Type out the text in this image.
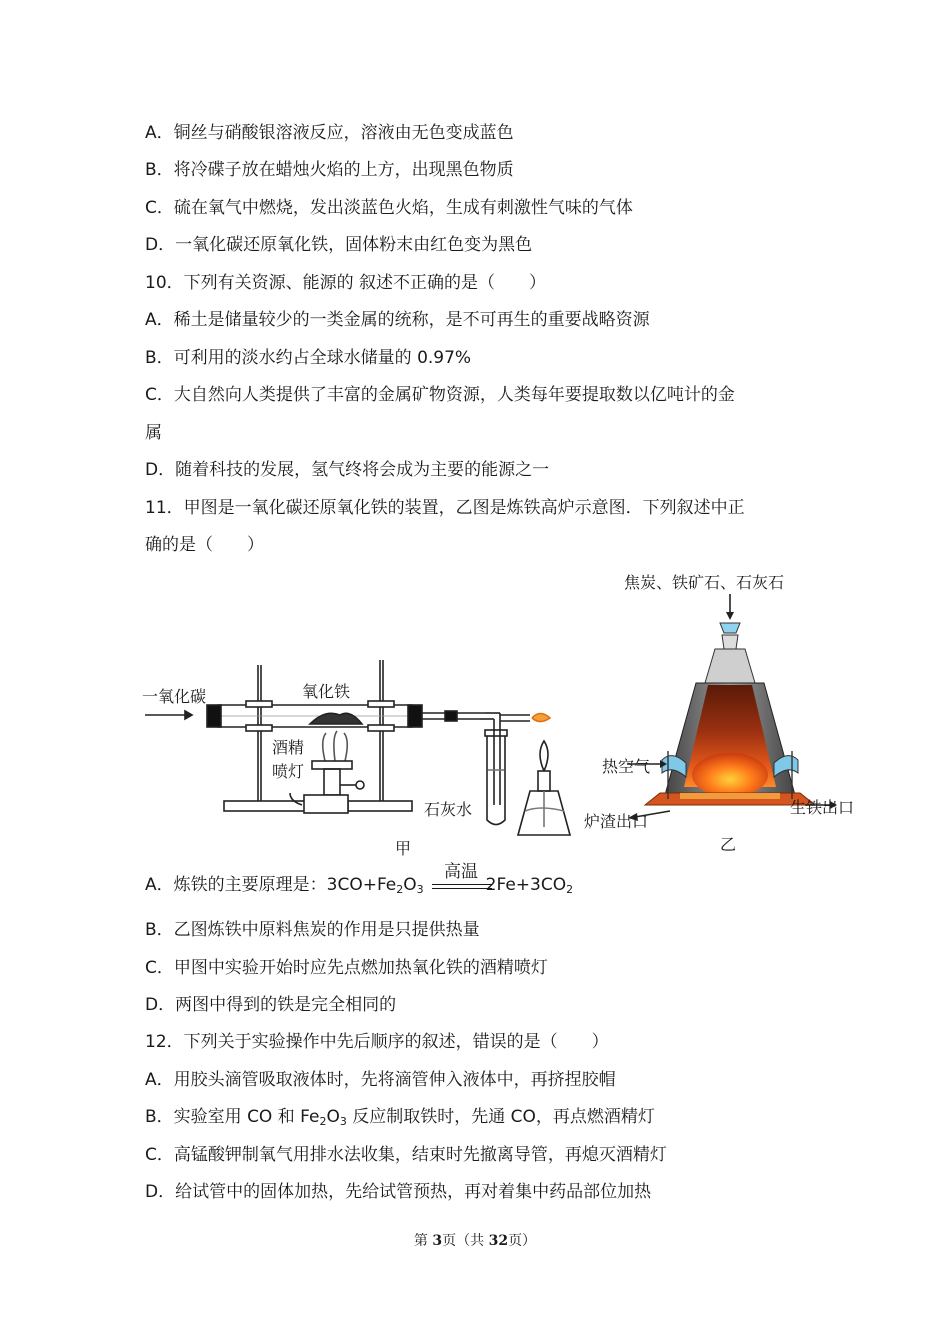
A．铜丝与硝酸银溶液反应，溶液由无色变成蓝色
B．将冷碟子放在蜡烛火焰的上方，出现黑色物质
C．硫在氧气中燃烧，发出淡蓝色火焰，生成有刺激性气味的气体
D．一氧化碳还原氧化铁，固体粉末由红色变为黑色
10．下列有关资源、能源的 叙述不正确的是（　　）
A．稀土是储量较少的一类金属的统称，是不可再生的重要战略资源
B．可利用的淡水约占全球水储量的 0.97%
C．大自然向人类提供了丰富的金属矿物资源，人类每年要提取数以亿吨计的金
属
D．随着科技的发展，氢气终将会成为主要的能源之一
11．甲图是一氧化碳还原氧化铁的装置，乙图是炼铁高炉示意图．下列叙述中正
确的是（　　）
一氧化碳	氧化铁
酒精
喷灯
石灰水
甲
焦炭、铁矿石、石灰石
热空气
炉渣出口
生铁出口
乙
A．炼铁的主要原理是：$3CO+Fe_2O_3$	$2Fe+3CO_2$
高温
B．乙图炼铁中原料焦炭的作用是只提供热量
C．甲图中实验开始时应先点燃加热氧化铁的酒精喷灯
D．两图中得到的铁是完全相同的
12．下列关于实验操作中先后顺序的叙述，错误的是（　　）
A．用胶头滴管吸取液体时，先将滴管伸入液体中，再挤捏胶帽
B．实验室用 CO 和 $Fe_2O_3$ 反应制取铁时，先通 CO，再点燃酒精灯
C．高锰酸钾制氧气用排水法收集，结束时先撤离导管，再熄灭酒精灯
D．给试管中的固体加热，先给试管预热，再对着集中药品部位加热
第 3页（共 32页）
